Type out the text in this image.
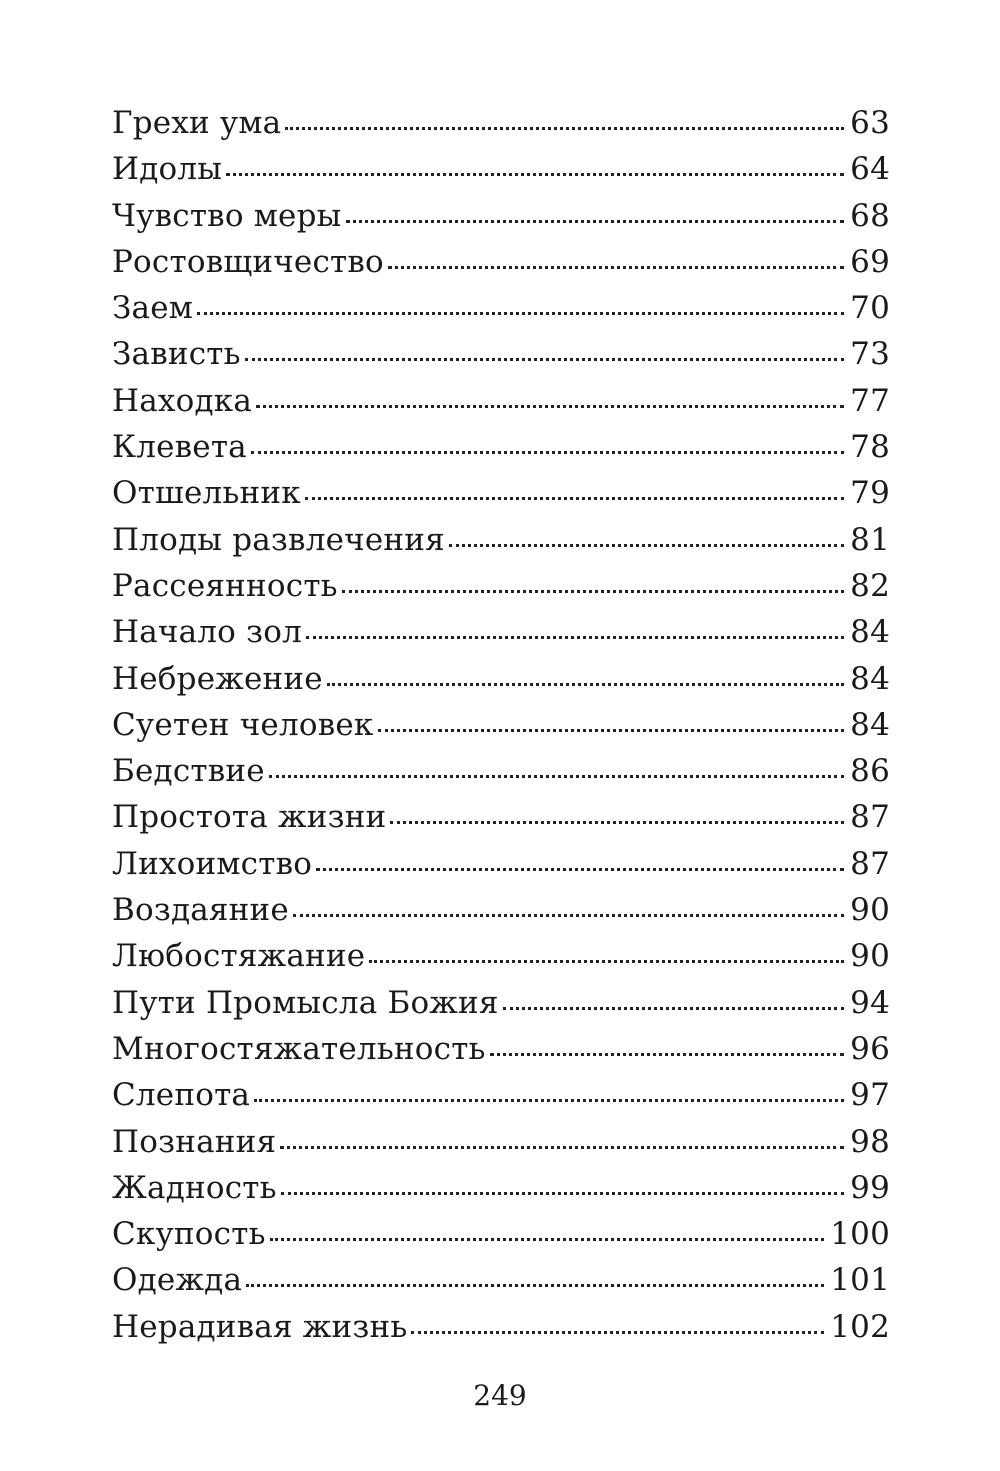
Грехи ума	63
Идолы	64
Чувство меры	68
Ростовщичество	69
Заем	70
Зависть	73
Находка	77
Клевета	78
Отшельник	79
Плоды развлечения	81
Рассеянность	82
Начало зол	84
Небрежение	84
Суетен человек	84
Бедствие	86
Простота жизни	87
Лихоимство	87
Воздаяние	90
Любостяжание	90
Пути Промысла Божия	94
Многостяжательность	96
Слепота	97
Познания	98
Жадность	99
Скупость	100
Одежда	101
Нерадивая жизнь	102
249
